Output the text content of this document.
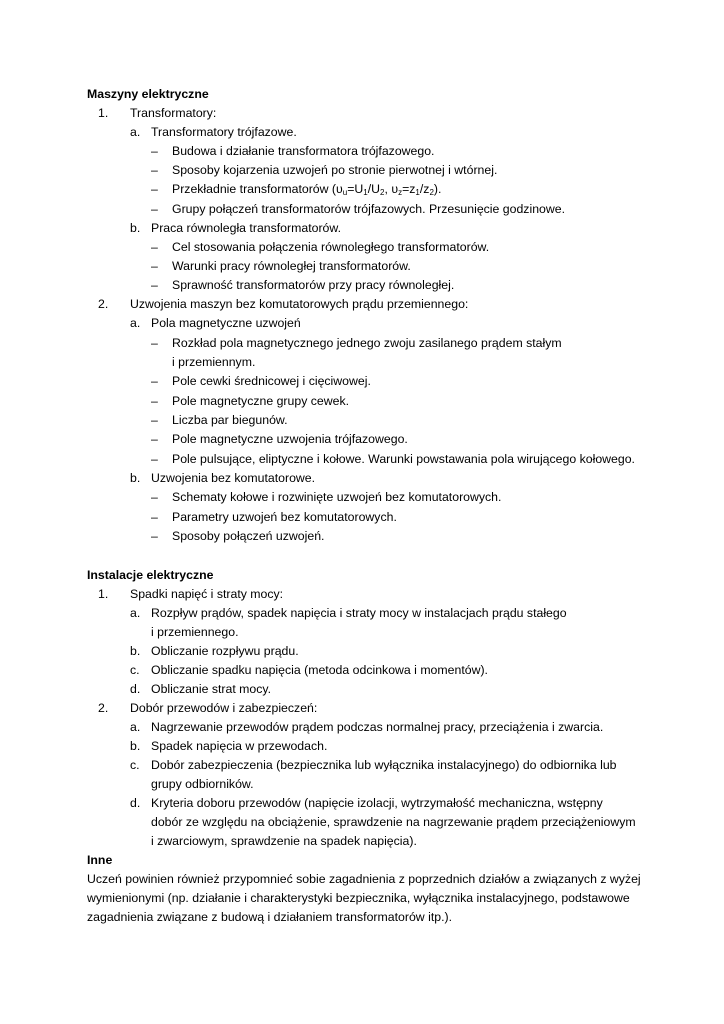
Maszyny elektryczne
1. Transformatory:
a. Transformatory trójfazowe.
– Budowa i działanie transformatora trójfazowego.
– Sposoby kojarzenia uzwojeń po stronie pierwotnej i wtórnej.
– Przekładnie transformatorów ($\upsilon_u=U_1/U_2$, $\upsilon_z=z_1/z_2$).
– Grupy połączeń transformatorów trójfazowych. Przesunięcie godzinowe.
b. Praca równoległa transformatorów.
– Cel stosowania połączenia równoległego transformatorów.
– Warunki pracy równoległej transformatorów.
– Sprawność transformatorów przy pracy równoległej.
2. Uzwojenia maszyn bez komutatorowych prądu przemiennego:
a. Pola magnetyczne uzwojeń
– Rozkład pola magnetycznego jednego zwoju zasilanego prądem stałym
i przemiennym.
– Pole cewki średnicowej i cięciwowej.
– Pole magnetyczne grupy cewek.
– Liczba par biegunów.
– Pole magnetyczne uzwojenia trójfazowego.
– Pole pulsujące, eliptyczne i kołowe. Warunki powstawania pola wirującego kołowego.
b. Uzwojenia bez komutatorowe.
– Schematy kołowe i rozwinięte uzwojeń bez komutatorowych.
– Parametry uzwojeń bez komutatorowych.
– Sposoby połączeń uzwojeń.
Instalacje elektryczne
1. Spadki napięć i straty mocy:
a. Rozpływ prądów, spadek napięcia i straty mocy w instalacjach prądu stałego
i przemiennego.
b. Obliczanie rozpływu prądu.
c. Obliczanie spadku napięcia (metoda odcinkowa i momentów).
d. Obliczanie strat mocy.
2. Dobór przewodów i zabezpieczeń:
a. Nagrzewanie przewodów prądem podczas normalnej pracy, przeciążenia i zwarcia.
b. Spadek napięcia w przewodach.
c. Dobór zabezpieczenia (bezpiecznika lub wyłącznika instalacyjnego) do odbiornika lub
grupy odbiorników.
d. Kryteria doboru przewodów (napięcie izolacji, wytrzymałość mechaniczna, wstępny
dobór ze względu na obciążenie, sprawdzenie na nagrzewanie prądem przeciążeniowym
i zwarciowym, sprawdzenie na spadek napięcia).
Inne
Uczeń powinien również przypomnieć sobie zagadnienia z poprzednich działów a związanych z wyżej
wymienionymi (np. działanie i charakterystyki bezpiecznika, wyłącznika instalacyjnego, podstawowe
zagadnienia związane z budową i działaniem transformatorów itp.).
